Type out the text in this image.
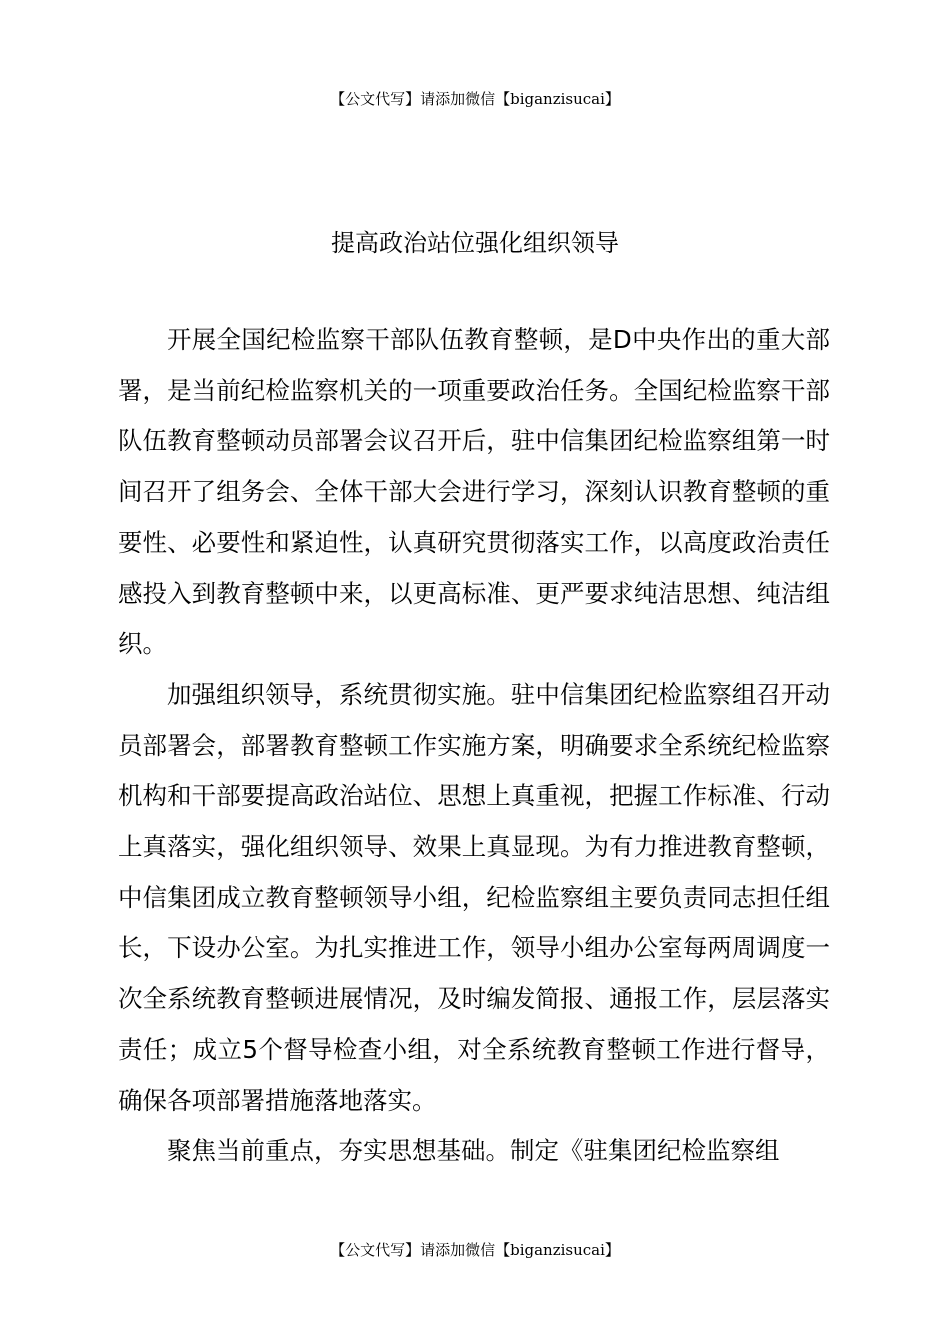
【公文代写】请添加微信【biganzisucai】
提高政治站位强化组织领导

开展全国纪检监察干部队伍教育整顿，是D中央作出的重大部署，是当前纪检监察机关的一项重要政治任务。全国纪检监察干部队伍教育整顿动员部署会议召开后，驻中信集团纪检监察组第一时间召开了组务会、全体干部大会进行学习，深刻认识教育整顿的重要性、必要性和紧迫性，认真研究贯彻落实工作，以高度政治责任感投入到教育整顿中来，以更高标准、更严要求纯洁思想、纯洁组织。

加强组织领导，系统贯彻实施。驻中信集团纪检监察组召开动员部署会，部署教育整顿工作实施方案，明确要求全系统纪检监察机构和干部要提高政治站位、思想上真重视，把握工作标准、行动上真落实，强化组织领导、效果上真显现。为有力推进教育整顿，中信集团成立教育整顿领导小组，纪检监察组主要负责同志担任组长，下设办公室。为扎实推进工作，领导小组办公室每两周调度一次全系统教育整顿进展情况，及时编发简报、通报工作，层层落实责任；成立5个督导检查小组，对全系统教育整顿工作进行督导，确保各项部署措施落地落实。

聚焦当前重点，夯实思想基础。制定《驻集团纪检监察组

【公文代写】请添加微信【biganzisucai】
